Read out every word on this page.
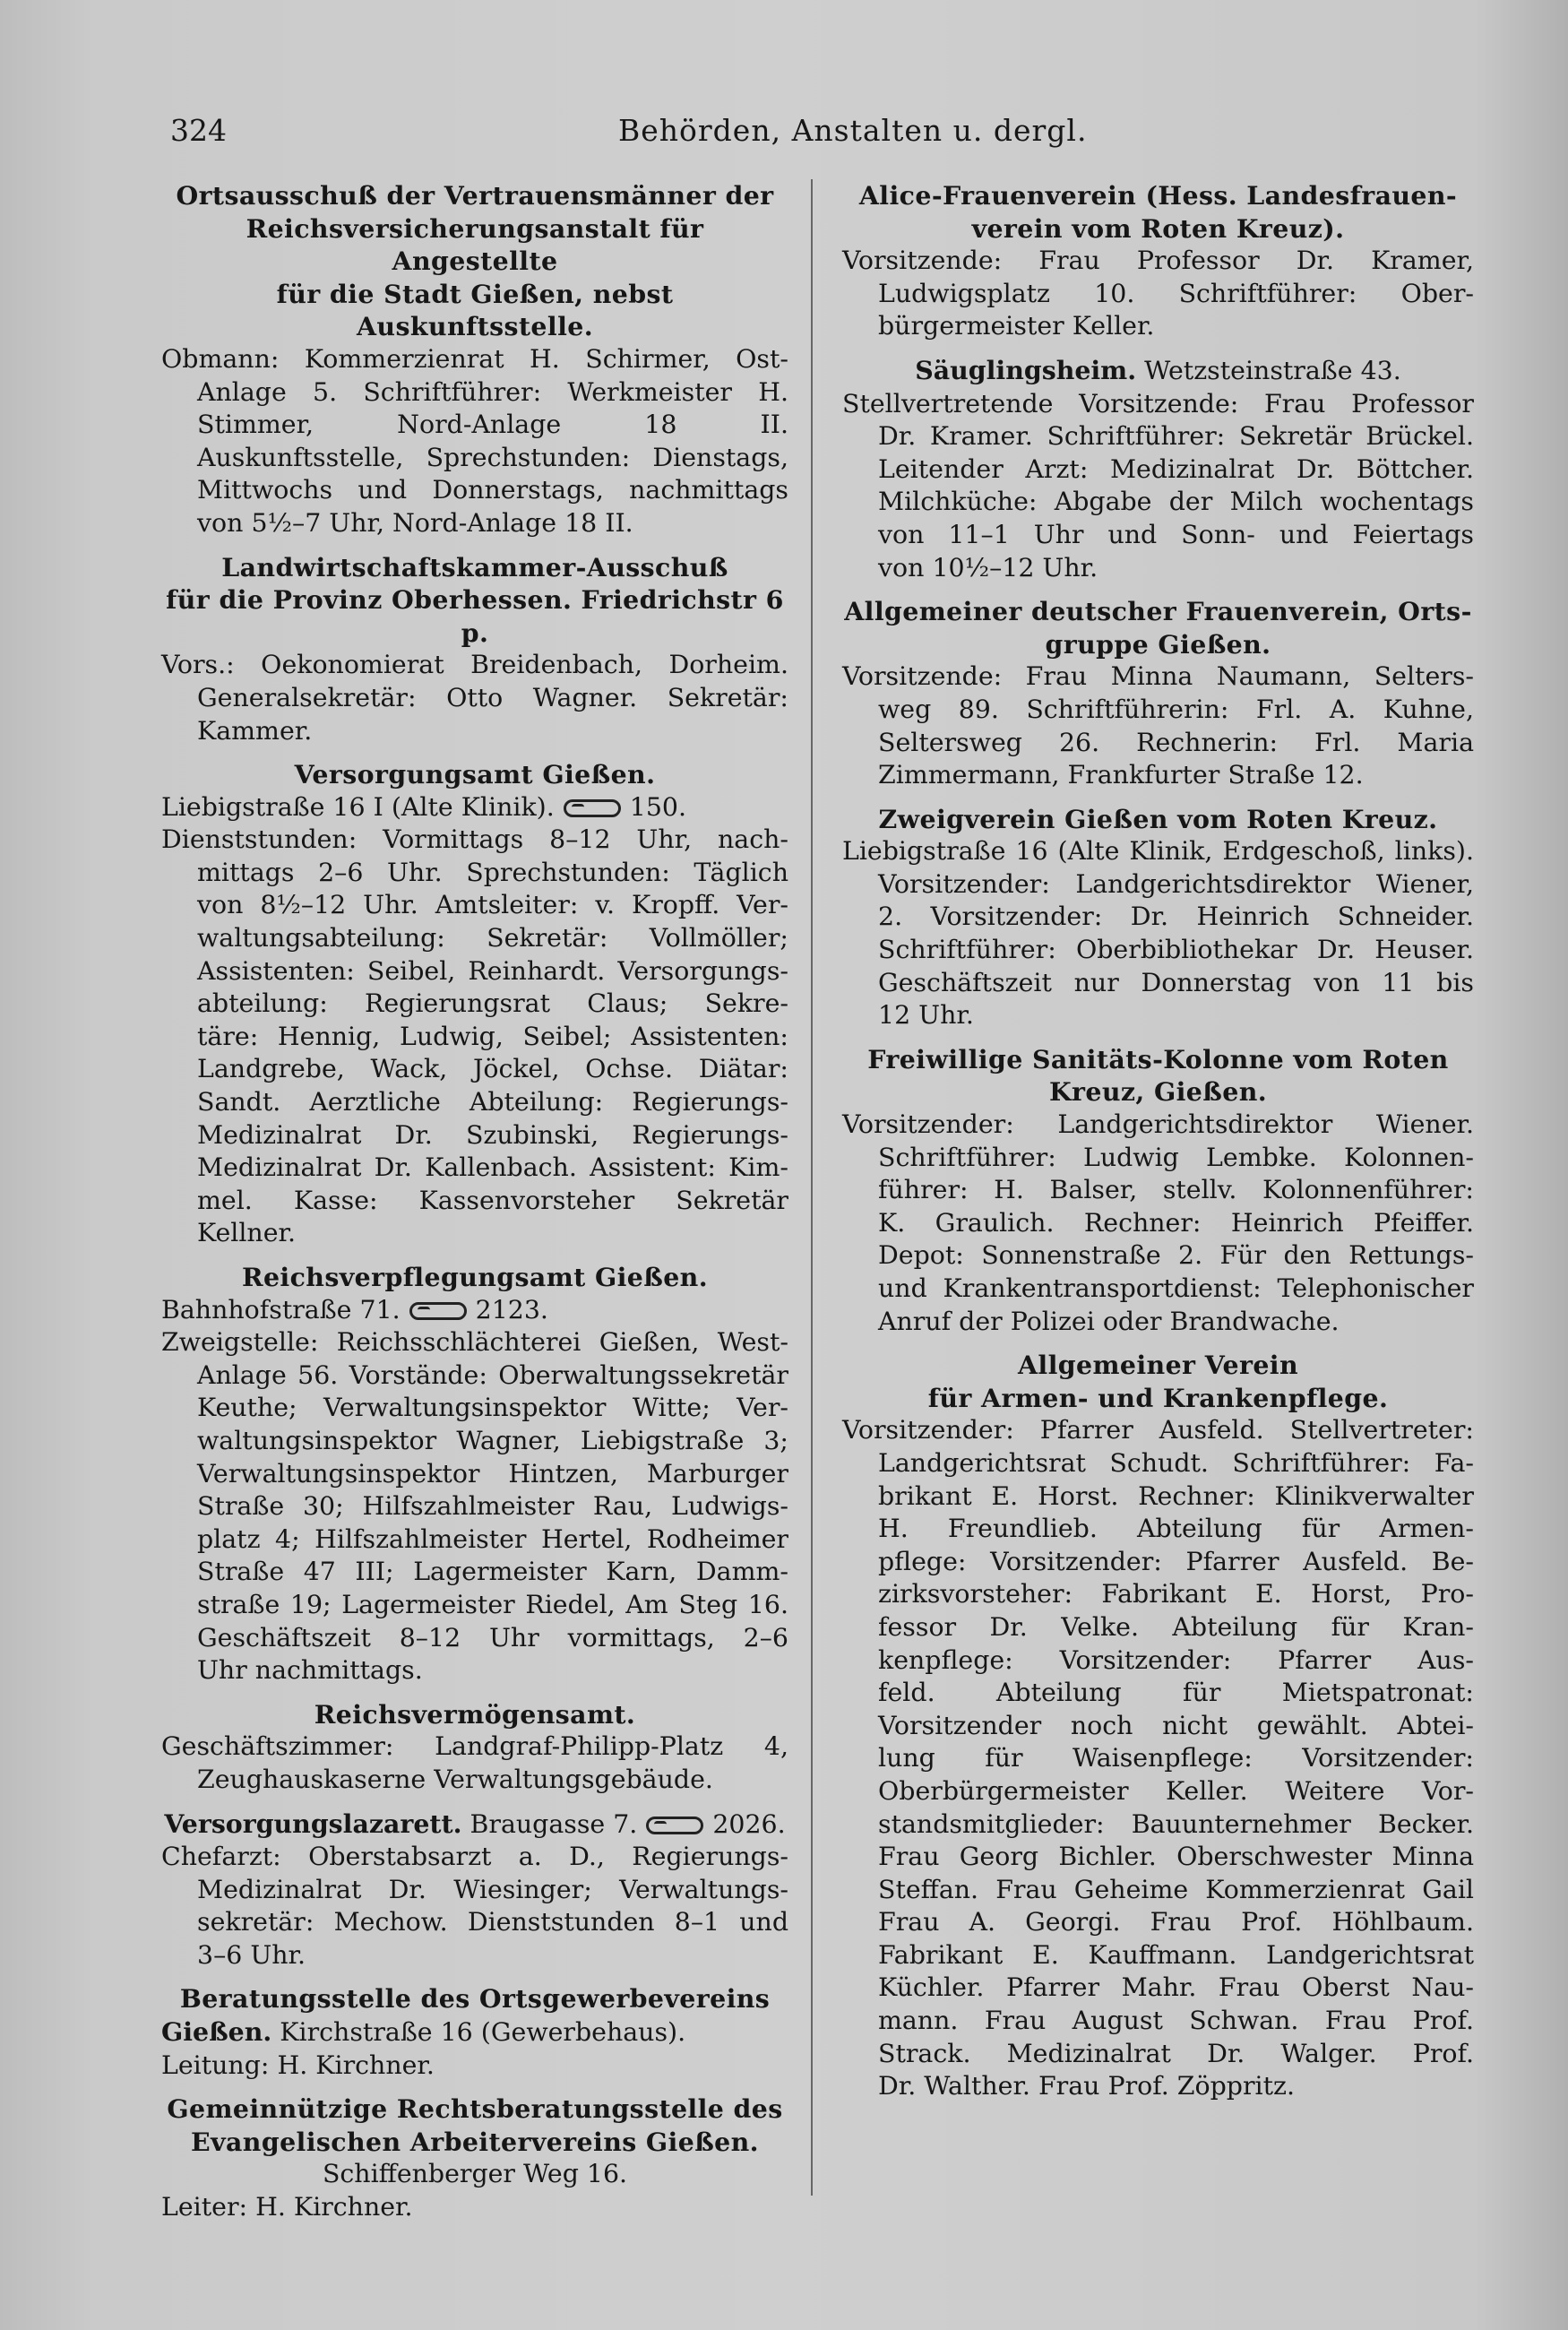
324	Behörden, Anstalten u. dergl.
Ortsausschuß der Vertrauensmänner der
Reichsversicherungsanstalt für Angestellte
für die Stadt Gießen, nebst Auskunftsstelle.
Obmann: Kommerzienrat H. Schirmer, Ost-
Anlage 5. Schriftführer: Werkmeister H.
Stimmer, Nord-Anlage 18 II.
Auskunftsstelle, Sprechstunden: Dienstags,
Mittwochs und Donnerstags, nachmittags
von 5½–7 Uhr, Nord-Anlage 18 II.
Landwirtschaftskammer-Ausschuß
für die Provinz Oberhessen. Friedrichstr 6 p.
Vors.: Oekonomierat Breidenbach, Dorheim.
Generalsekretär: Otto Wagner. Sekretär:
Kammer.
Versorgungsamt Gießen.
Liebigstraße 16 I (Alte Klinik).	150.
Dienststunden: Vormittags 8–12 Uhr, nach-
mittags 2–6 Uhr. Sprechstunden: Täglich
von 8½–12 Uhr. Amtsleiter: v. Kropff. Ver-
waltungsabteilung: Sekretär: Vollmöller;
Assistenten: Seibel, Reinhardt. Versorgungs-
abteilung: Regierungsrat Claus; Sekre-
täre: Hennig, Ludwig, Seibel; Assistenten:
Landgrebe, Wack, Jöckel, Ochse. Diätar:
Sandt. Aerztliche Abteilung: Regierungs-
Medizinalrat Dr. Szubinski, Regierungs-
Medizinalrat Dr. Kallenbach. Assistent: Kim-
mel. Kasse: Kassenvorsteher Sekretär Kellner.
Reichsverpflegungsamt Gießen.
Bahnhofstraße 71.	2123.
Zweigstelle: Reichsschlächterei Gießen, West-
Anlage 56. Vorstände: Oberwaltungssekretär
Keuthe; Verwaltungsinspektor Witte; Ver-
waltungsinspektor Wagner, Liebigstraße 3;
Verwaltungsinspektor Hintzen, Marburger
Straße 30; Hilfszahlmeister Rau, Ludwigs-
platz 4; Hilfszahlmeister Hertel, Rodheimer
Straße 47 III; Lagermeister Karn, Damm-
straße 19; Lagermeister Riedel, Am Steg 16.
Geschäftszeit 8–12 Uhr vormittags, 2–6
Uhr nachmittags.
Reichsvermögensamt.
Geschäftszimmer: Landgraf-Philipp-Platz 4,
Zeughauskaserne Verwaltungsgebäude.
Versorgungslazarett. Braugasse 7.	2026.
Chefarzt: Oberstabsarzt a. D., Regierungs-
Medizinalrat Dr. Wiesinger; Verwaltungs-
sekretär: Mechow. Dienststunden 8–1 und
3–6 Uhr.
Beratungsstelle des Ortsgewerbevereins
Gießen. Kirchstraße 16 (Gewerbehaus).
Leitung: H. Kirchner.
Gemeinnützige Rechtsberatungsstelle des
Evangelischen Arbeitervereins Gießen.
Schiffenberger Weg 16.
Leiter: H. Kirchner.
Alice-Frauenverein (Hess. Landesfrauen-
verein vom Roten Kreuz).
Vorsitzende: Frau Professor Dr. Kramer,
Ludwigsplatz 10. Schriftführer: Ober-
bürgermeister Keller.
Säuglingsheim. Wetzsteinstraße 43.
Stellvertretende Vorsitzende: Frau Professor
Dr. Kramer. Schriftführer: Sekretär Brückel.
Leitender Arzt: Medizinalrat Dr. Böttcher.
Milchküche: Abgabe der Milch wochentags
von 11–1 Uhr und Sonn- und Feiertags
von 10½–12 Uhr.
Allgemeiner deutscher Frauenverein, Orts-
gruppe Gießen.
Vorsitzende: Frau Minna Naumann, Selters-
weg 89. Schriftführerin: Frl. A. Kuhne,
Seltersweg 26. Rechnerin: Frl. Maria
Zimmermann, Frankfurter Straße 12.
Zweigverein Gießen vom Roten Kreuz.
Liebigstraße 16 (Alte Klinik, Erdgeschoß, links).
Vorsitzender: Landgerichtsdirektor Wiener,
2. Vorsitzender: Dr. Heinrich Schneider.
Schriftführer: Oberbibliothekar Dr. Heuser.
Geschäftszeit nur Donnerstag von 11 bis
12 Uhr.
Freiwillige Sanitäts-Kolonne vom Roten
Kreuz, Gießen.
Vorsitzender: Landgerichtsdirektor Wiener.
Schriftführer: Ludwig Lembke. Kolonnen-
führer: H. Balser, stellv. Kolonnenführer:
K. Graulich. Rechner: Heinrich Pfeiffer.
Depot: Sonnenstraße 2. Für den Rettungs-
und Krankentransportdienst: Telephonischer
Anruf der Polizei oder Brandwache.
Allgemeiner Verein
für Armen- und Krankenpflege.
Vorsitzender: Pfarrer Ausfeld. Stellvertreter:
Landgerichtsrat Schudt. Schriftführer: Fa-
brikant E. Horst. Rechner: Klinikverwalter
H. Freundlieb. Abteilung für Armen-
pflege: Vorsitzender: Pfarrer Ausfeld. Be-
zirksvorsteher: Fabrikant E. Horst, Pro-
fessor Dr. Velke. Abteilung für Kran-
kenpflege: Vorsitzender: Pfarrer Aus-
feld. Abteilung für Mietspatronat:
Vorsitzender noch nicht gewählt. Abtei-
lung für Waisenpflege: Vorsitzender:
Oberbürgermeister Keller. Weitere Vor-
standsmitglieder: Bauunternehmer Becker.
Frau Georg Bichler. Oberschwester Minna
Steffan. Frau Geheime Kommerzienrat Gail
Frau A. Georgi. Frau Prof. Höhlbaum.
Fabrikant E. Kauffmann. Landgerichtsrat
Küchler. Pfarrer Mahr. Frau Oberst Nau-
mann. Frau August Schwan. Frau Prof.
Strack. Medizinalrat Dr. Walger. Prof.
Dr. Walther. Frau Prof. Zöppritz.
